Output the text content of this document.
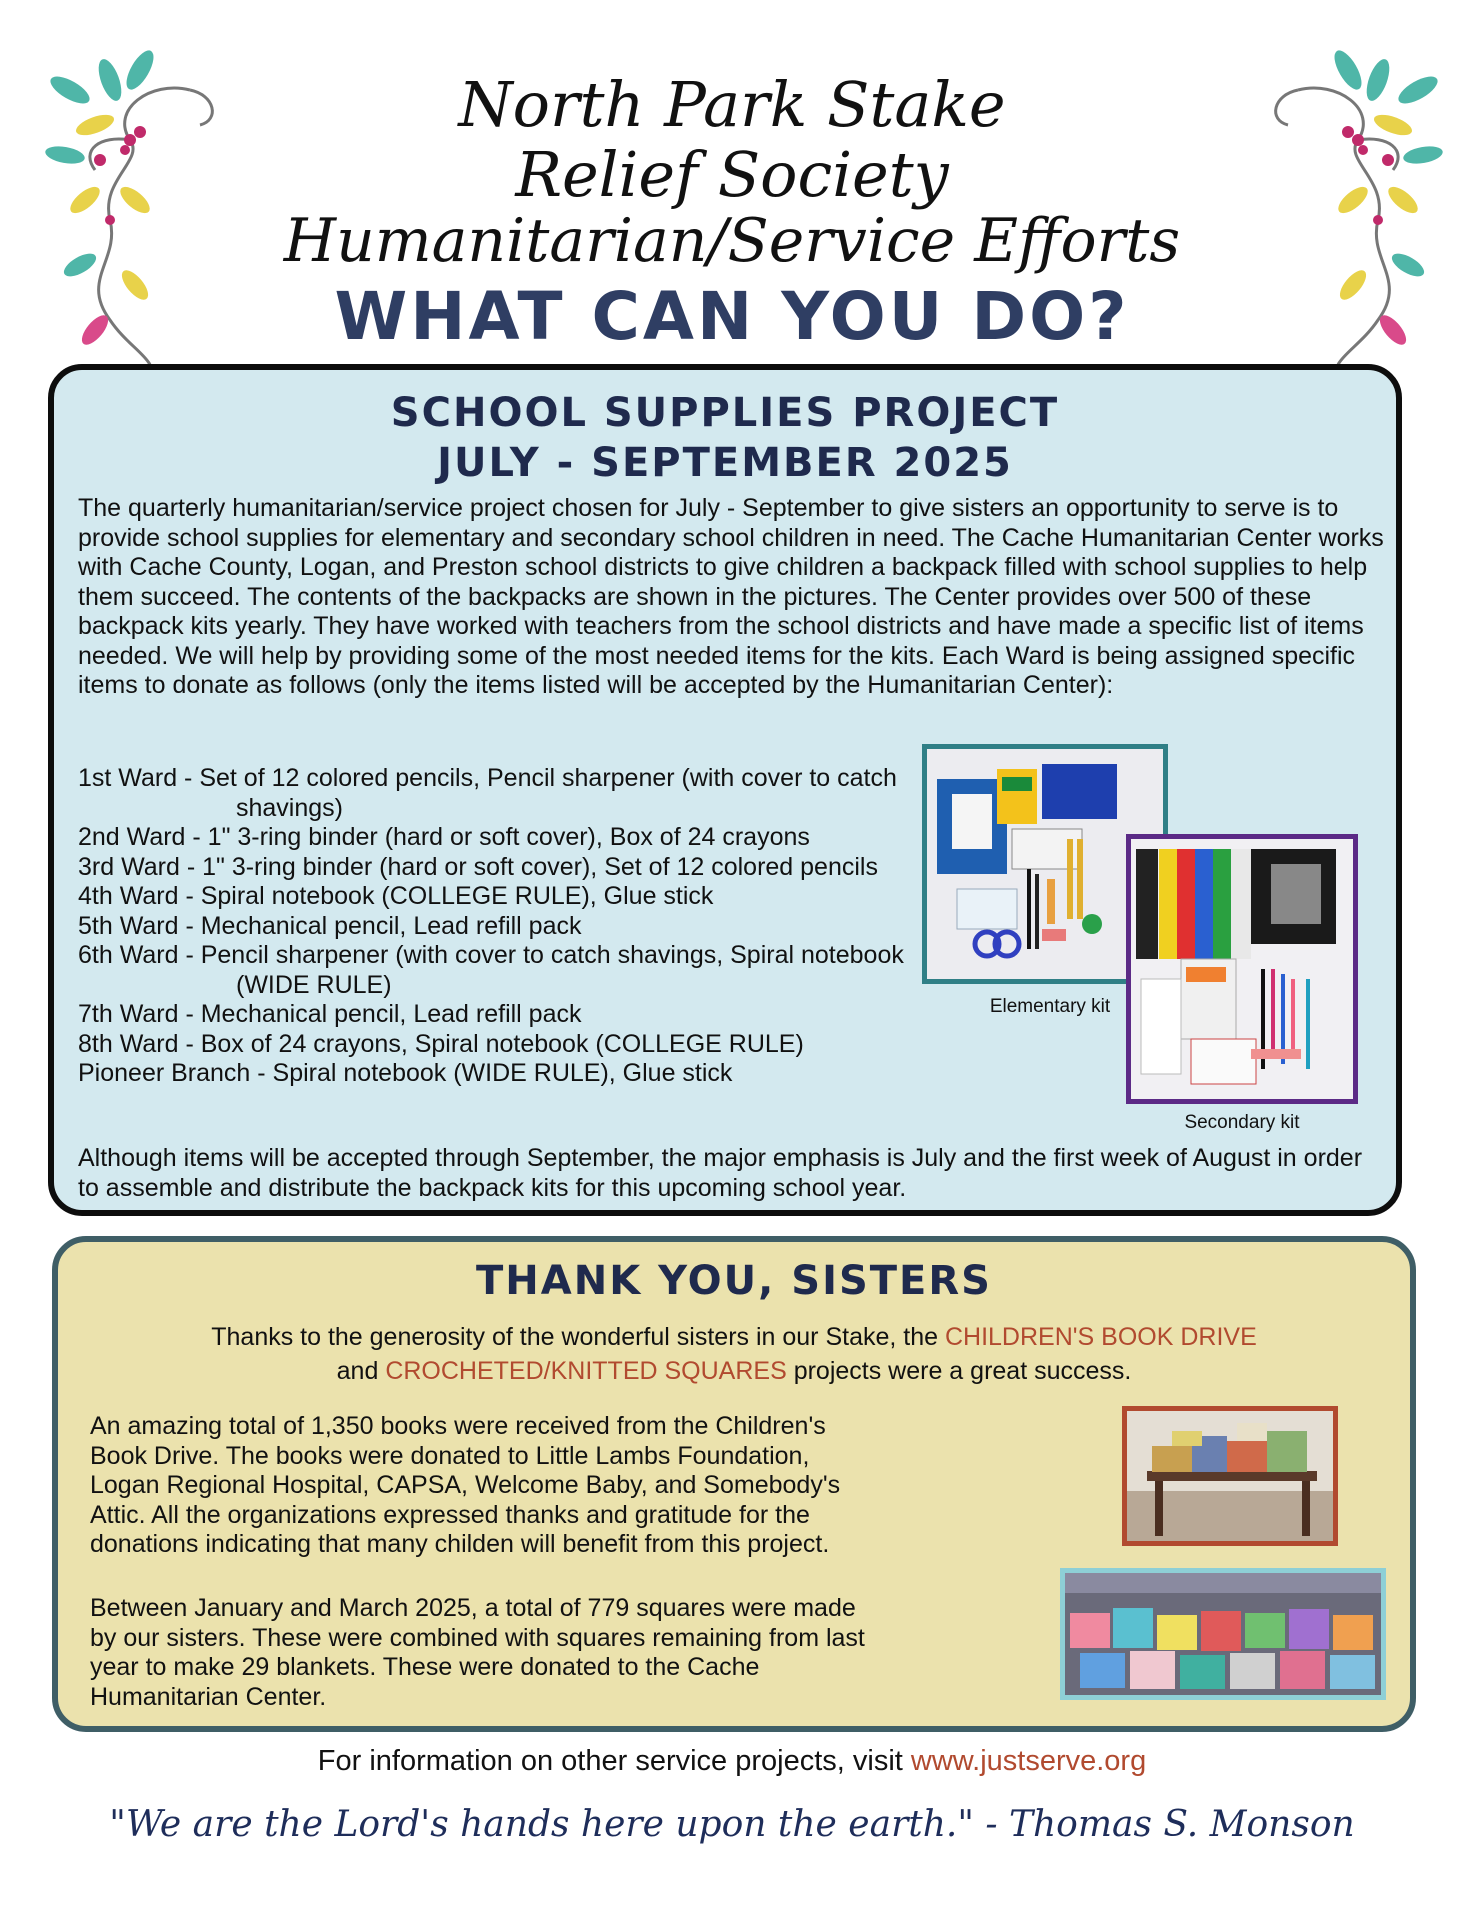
North Park Stake
Relief Society
Humanitarian/Service Efforts
WHAT CAN YOU DO?
SCHOOL SUPPLIES PROJECT
JULY - SEPTEMBER 2025
The quarterly humanitarian/service project chosen for July - September to give sisters an opportunity to serve is to provide school supplies for elementary and secondary school children in need. The Cache Humanitarian Center works with Cache County, Logan, and Preston school districts to give children a backpack filled with school supplies to help them succeed. The contents of the backpacks are shown in the pictures. The Center provides over 500 of these backpack kits yearly. They have worked with teachers from the school districts and have made a specific list of items needed. We will help by providing some of the most needed items for the kits. Each Ward is being assigned specific items to donate as follows (only the items listed will be accepted by the Humanitarian Center):
1st Ward - Set of 12 colored pencils, Pencil sharpener (with cover to catch shavings)
2nd Ward - 1" 3-ring binder (hard or soft cover), Box of 24 crayons
3rd Ward - 1" 3-ring binder (hard or soft cover), Set of 12 colored pencils
4th Ward - Spiral notebook (COLLEGE RULE), Glue stick
5th Ward - Mechanical pencil, Lead refill pack
6th Ward - Pencil sharpener (with cover to catch shavings, Spiral notebook (WIDE RULE)
7th Ward - Mechanical pencil, Lead refill pack
8th Ward - Box of 24 crayons, Spiral notebook (COLLEGE RULE)
Pioneer Branch - Spiral notebook (WIDE RULE), Glue stick
Elementary kit
Secondary kit
Although items will be accepted through September, the major emphasis is July and the first week of August in order to assemble and distribute the backpack kits for this upcoming school year.
THANK YOU, SISTERS
Thanks to the generosity of the wonderful sisters in our Stake, the CHILDREN'S BOOK DRIVE
and CROCHETED/KNITTED SQUARES projects were a great success.
An amazing total of 1,350 books were received from the Children's Book Drive. The books were donated to Little Lambs Foundation, Logan Regional Hospital, CAPSA, Welcome Baby, and Somebody's Attic. All the organizations expressed thanks and gratitude for the donations indicating that many childen will benefit from this project.
Between January and March 2025, a total of 779 squares were made by our sisters. These were combined with squares remaining from last year to make 29 blankets. These were donated to the Cache Humanitarian Center.
For information on other service projects, visit www.justserve.org
"We are the Lord's hands here upon the earth." - Thomas S. Monson
